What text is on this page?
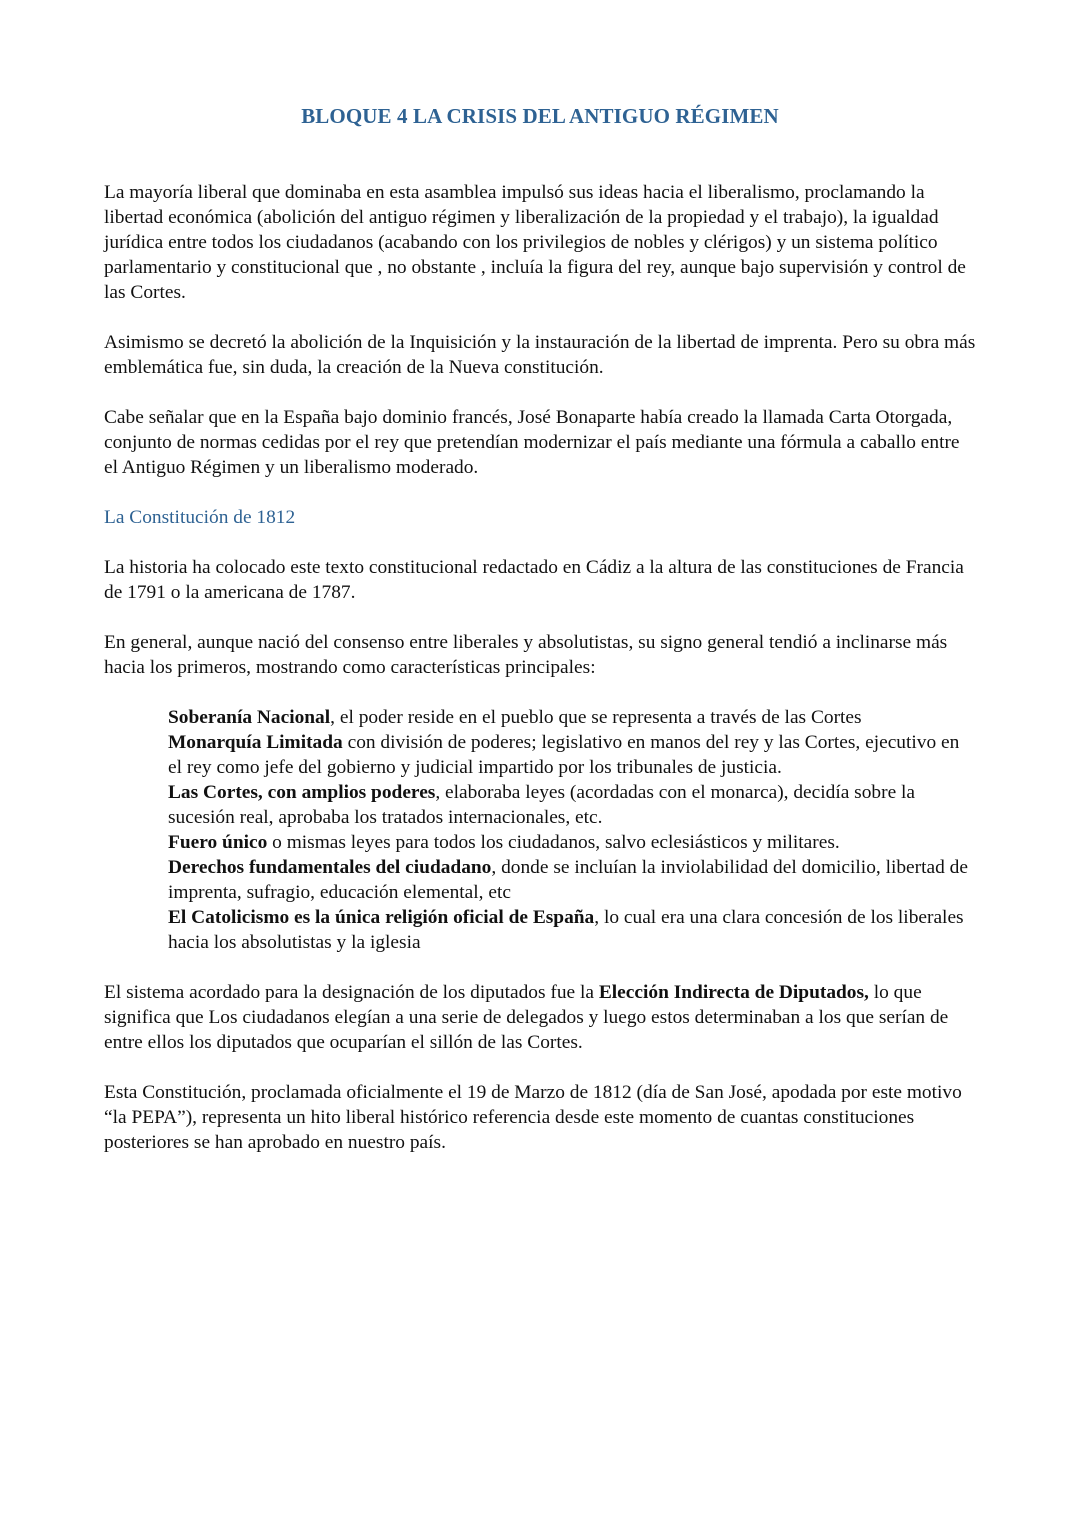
BLOQUE 4 LA CRISIS DEL ANTIGUO RÉGIMEN

La mayoría liberal que dominaba en esta asamblea impulsó sus ideas hacia el liberalismo, proclamando la libertad económica (abolición del antiguo régimen y liberalización de la propiedad y el trabajo), la igualdad jurídica entre todos los ciudadanos (acabando con los privilegios de nobles y clérigos) y un sistema político parlamentario y constitucional que , no obstante , incluía la figura del rey, aunque bajo supervisión y control de las Cortes.

Asimismo se decretó la abolición de la Inquisición y la instauración de la libertad de imprenta. Pero su obra más emblemática fue, sin duda, la creación de la Nueva constitución.

Cabe señalar que en la España bajo dominio francés, José Bonaparte había creado la llamada Carta Otorgada, conjunto de normas cedidas por el rey que pretendían modernizar el país mediante una fórmula a caballo entre el Antiguo Régimen y un liberalismo moderado.

La Constitución de 1812

La historia ha colocado este texto constitucional redactado en Cádiz a la altura de las constituciones de Francia de 1791 o la americana de 1787.

En general, aunque nació del consenso entre liberales y absolutistas, su signo general tendió a inclinarse más hacia los primeros, mostrando como características principales:

Soberanía Nacional, el poder reside en el pueblo que se representa a través de las Cortes

Monarquía Limitada con división de poderes; legislativo en manos del rey y las Cortes, ejecutivo en el rey como jefe del gobierno y judicial impartido por los tribunales de justicia.

Las Cortes, con amplios poderes, elaboraba leyes (acordadas con el monarca), decidía sobre la sucesión real, aprobaba los tratados internacionales, etc.

Fuero único o mismas leyes para todos los ciudadanos, salvo eclesiásticos y militares.

Derechos fundamentales del ciudadano, donde se incluían la inviolabilidad del domicilio, libertad de imprenta, sufragio, educación elemental, etc

El Catolicismo es la única religión oficial de España, lo cual era una clara concesión de los liberales hacia los absolutistas y la iglesia

El sistema acordado para la designación de los diputados fue la Elección Indirecta de Diputados, lo que significa que Los ciudadanos elegían a una serie de delegados y luego estos determinaban a los que serían de entre ellos los diputados que ocuparían el sillón de las Cortes.

Esta Constitución, proclamada oficialmente el 19 de Marzo de 1812 (día de San José, apodada por este motivo “la PEPA”), representa un hito liberal histórico referencia desde este momento de cuantas constituciones posteriores se han aprobado en nuestro país.
